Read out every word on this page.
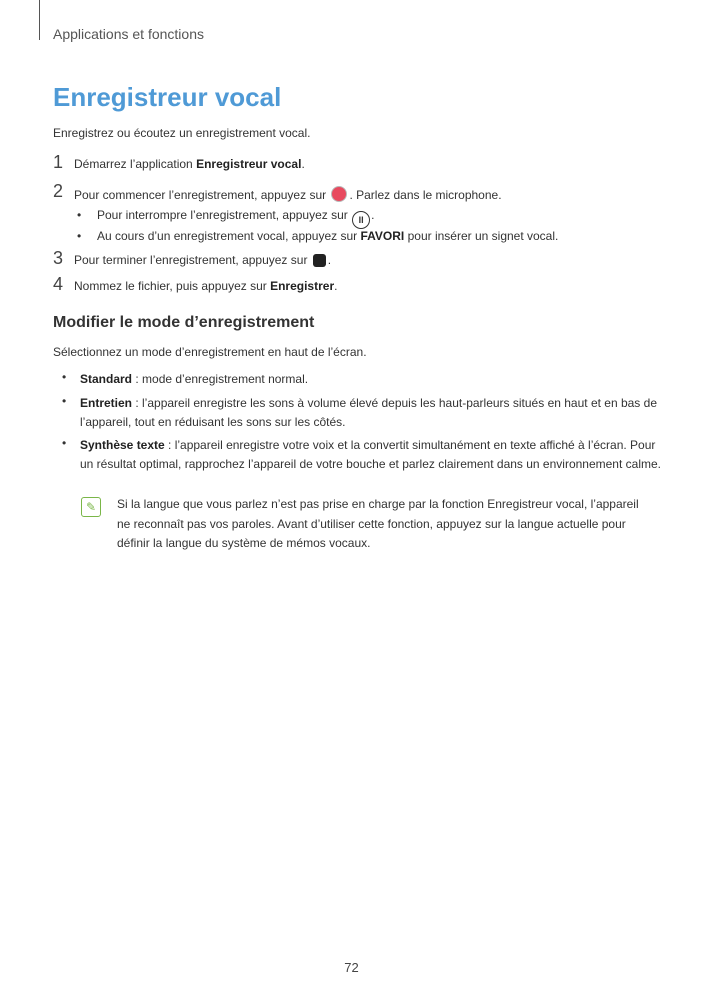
Applications et fonctions
Enregistreur vocal
Enregistrez ou écoutez un enregistrement vocal.
1 Démarrez l’application Enregistreur vocal.
2 Pour commencer l’enregistrement, appuyez sur . Parlez dans le microphone.
• Pour interrompre l’enregistrement, appuyez sur II .
• Au cours d’un enregistrement vocal, appuyez sur FAVORI pour insérer un signet vocal.
3 Pour terminer l’enregistrement, appuyez sur .
4 Nommez le fichier, puis appuyez sur Enregistrer.
Modifier le mode d’enregistrement
Sélectionnez un mode d’enregistrement en haut de l’écran.
• Standard : mode d’enregistrement normal.
• Entretien : l’appareil enregistre les sons à volume élevé depuis les haut-parleurs situés en haut et en bas de l’appareil, tout en réduisant les sons sur les côtés.
• Synthèse texte : l’appareil enregistre votre voix et la convertit simultanément en texte affiché à l’écran. Pour un résultat optimal, rapprochez l’appareil de votre bouche et parlez clairement dans un environnement calme.
✎	Si la langue que vous parlez n’est pas prise en charge par la fonction Enregistreur vocal, l’appareil ne reconnaît pas vos paroles. Avant d’utiliser cette fonction, appuyez sur la langue actuelle pour définir la langue du système de mémos vocaux.
72
